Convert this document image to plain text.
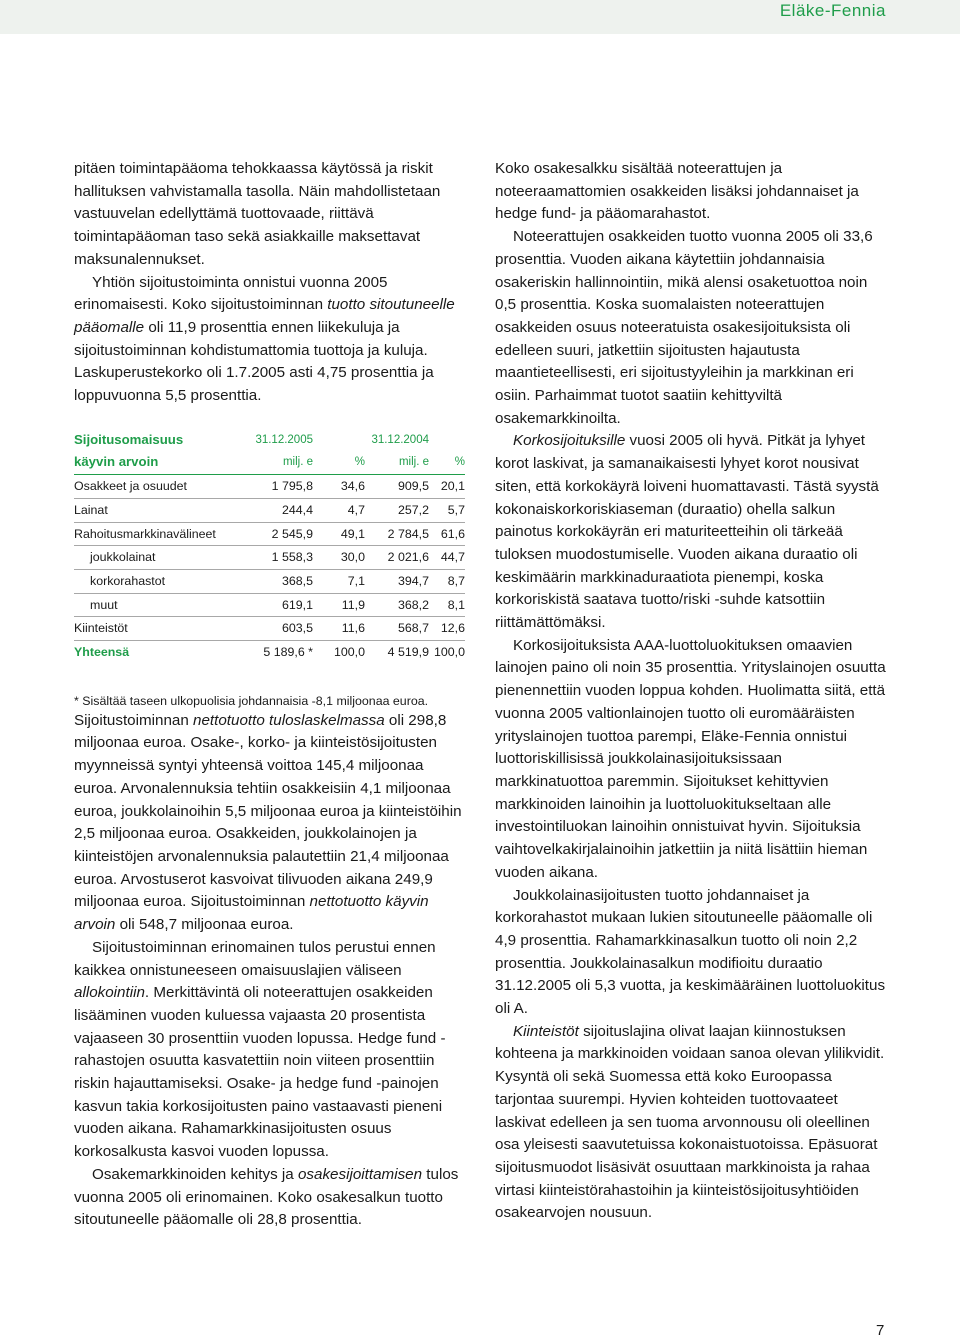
Eläke-Fennia

pitäen toimintapääoma tehokkaassa käytössä ja riskit hallituksen vahvistamalla tasolla. Näin mahdollistetaan vastuuvelan edellyttämä tuottovaade, riittävä toimintapääoman taso sekä asiakkaille maksettavat maksunalennukset.

Yhtiön sijoitustoiminta onnistui vuonna 2005 erinomaisesti. Koko sijoitustoiminnan tuotto sitoutuneelle pääomalle oli 11,9 prosenttia ennen liikekuluja ja sijoitustoiminnan kohdistumattomia tuottoja ja kuluja. Laskuperustekorko oli 1.7.2005 asti 4,75 prosenttia ja loppuvuonna 5,5 prosenttia.

Sijoitusomaisuus	31.12.2005		31.12.2004	
käyvin arvoin	milj. e	%	milj. e	%
Osakkeet ja osuudet	1 795,8	34,6	909,5	20,1
Lainat	244,4	4,7	257,2	5,7
Rahoitusmarkkinavälineet	2 545,9	49,1	2 784,5	61,6
joukkolainat	1 558,3	30,0	2 021,6	44,7
korkorahastot	368,5	7,1	394,7	8,7
muut	619,1	11,9	368,2	8,1
Kiinteistöt	603,5	11,6	568,7	12,6
Yhteensä	5 189,6 *	100,0	4 519,9	100,0

* Sisältää taseen ulkopuolisia johdannaisia -8,1 miljoonaa euroa.

Sijoitustoiminnan nettotuotto tuloslaskelmassa oli 298,8 miljoonaa euroa. Osake-, korko- ja kiinteistösijoitusten myynneissä syntyi yhteensä voittoa 145,4 miljoonaa euroa. Arvonalennuksia tehtiin osakkeisiin 4,1 miljoonaa euroa, joukkolainoihin 5,5 miljoonaa euroa ja kiinteistöihin 2,5 miljoonaa euroa. Osakkeiden, joukkolainojen ja kiinteistöjen arvonalennuksia palautettiin 21,4 miljoonaa euroa. Arvostuserot kasvoivat tilivuoden aikana 249,9 miljoonaa euroa. Sijoitustoiminnan nettotuotto käyvin arvoin oli 548,7 miljoonaa euroa.

Sijoitustoiminnan erinomainen tulos perustui ennen kaikkea onnistuneeseen omaisuuslajien väliseen allokointiin. Merkittävintä oli noteerattujen osakkeiden lisääminen vuoden kuluessa vajaasta 20 prosentista vajaaseen 30 prosenttiin vuoden lopussa. Hedge fund -rahastojen osuutta kasvatettiin noin viiteen prosenttiin riskin hajauttamiseksi. Osake- ja hedge fund -painojen kasvun takia korkosijoitusten paino vastaavasti pieneni vuoden aikana. Rahamarkkinasijoitusten osuus korkosalkusta kasvoi vuoden lopussa.

Osakemarkkinoiden kehitys ja osakesijoittamisen tulos vuonna 2005 oli erinomainen. Koko osakesalkun tuotto sitoutuneelle pääomalle oli 28,8 prosenttia.

Koko osakesalkku sisältää noteerattujen ja noteeraamattomien osakkeiden lisäksi johdannaiset ja hedge fund- ja pääomarahastot.

Noteerattujen osakkeiden tuotto vuonna 2005 oli 33,6 prosenttia. Vuoden aikana käytettiin johdannaisia osakeriskin hallinnointiin, mikä alensi osaketuottoa noin 0,5 prosenttia. Koska suomalaisten noteerattujen osakkeiden osuus noteeratuista osakesijoituksista oli edelleen suuri, jatkettiin sijoitusten hajautusta maantieteellisesti, eri sijoitustyyleihin ja markkinan eri osiin. Parhaimmat tuotot saatiin kehittyviltä osakemarkkinoilta.

Korkosijoituksille vuosi 2005 oli hyvä. Pitkät ja lyhyet korot laskivat, ja samanaikaisesti lyhyet korot nousivat siten, että korkokäyrä loiveni huomattavasti. Tästä syystä kokonaiskorkoriskiaseman (duraatio) ohella salkun painotus korkokäyrän eri maturiteetteihin oli tärkeää tuloksen muodostumiselle. Vuoden aikana duraatio oli keskimäärin markkinaduraatiota pienempi, koska korkoriskistä saatava tuotto/riski -suhde katsottiin riittämättömäksi.

Korkosijoituksista AAA-luottoluokituksen omaavien lainojen paino oli noin 35 prosenttia. Yrityslainojen osuutta pienennettiin vuoden loppua kohden. Huolimatta siitä, että vuonna 2005 valtionlainojen tuotto oli euromääräisten yrityslainojen tuottoa parempi, Eläke-Fennia onnistui luottoriskillisissä joukkolainasijoituksissaan markkinatuottoa paremmin. Sijoitukset kehittyvien markkinoiden lainoihin ja luottoluokitukseltaan alle investointiluokan lainoihin onnistuivat hyvin. Sijoituksia vaihtovelkakirjalainoihin jatkettiin ja niitä lisättiin hieman vuoden aikana.

Joukkolainasijoitusten tuotto johdannaiset ja korkorahastot mukaan lukien sitoutuneelle pääomalle oli 4,9 prosenttia. Rahamarkkinasalkun tuotto oli noin 2,2 prosenttia. Joukkolainasalkun modifioitu duraatio 31.12.2005 oli 5,3 vuotta, ja keskimääräinen luottoluokitus oli A.

Kiinteistöt sijoituslajina olivat laajan kiinnostuksen kohteena ja markkinoiden voidaan sanoa olevan ylilikvidit. Kysyntä oli sekä Suomessa että koko Euroopassa tarjontaa suurempi. Hyvien kohteiden tuottovaateet laskivat edelleen ja sen tuoma arvonnousu oli oleellinen osa yleisesti saavutetuissa kokonaistuotoissa. Epäsuorat sijoitusmuodot lisäsivät osuuttaan markkinoista ja rahaa virtasi kiinteistörahastoihin ja kiinteistösijoitusyhtiöiden osakearvojen nousuun.

7
